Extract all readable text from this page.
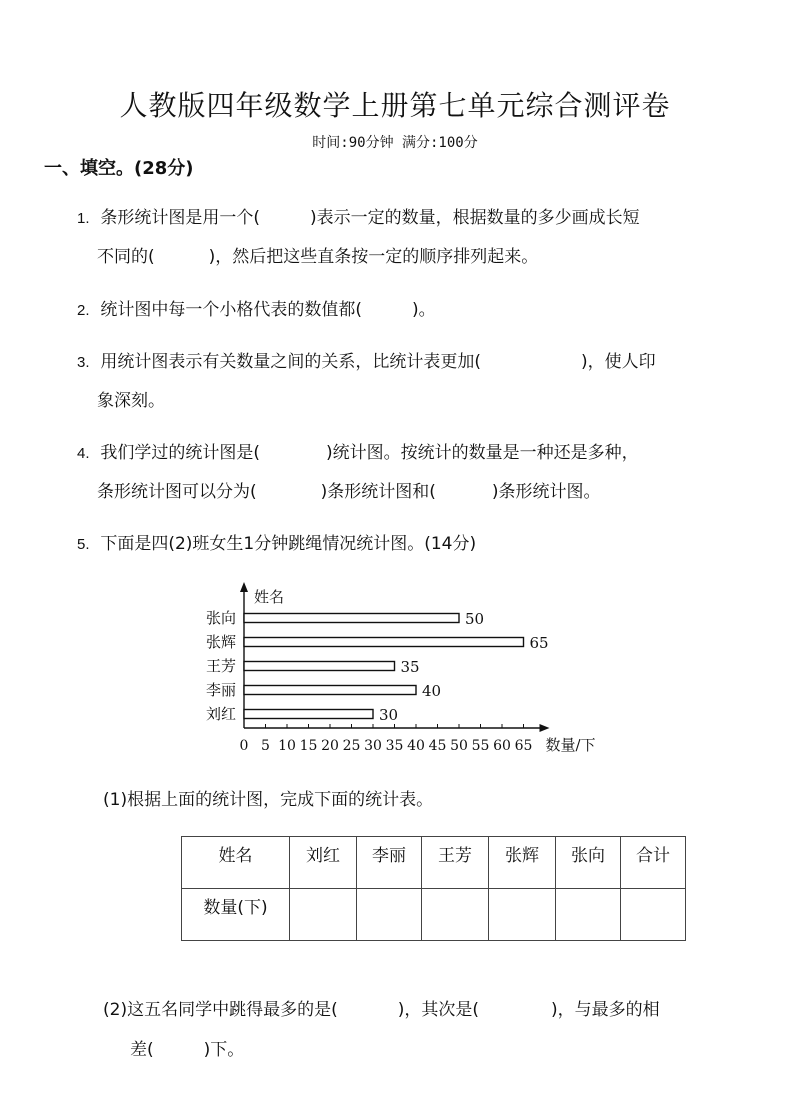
人教版四年级数学上册第七单元综合测评卷
时间:90分钟 满分:100分
一、填空。(28分)
1. 条形统计图是用一个(	)表示一定的数量，根据数量的多少画成长短
不同的(	)，然后把这些直条按一定的顺序排列起来。
2. 统计图中每一个小格代表的数值都(	)。
3. 用统计图表示有关数量之间的关系，比统计表更加(	)，使人印
象深刻。
4. 我们学过的统计图是(	)统计图。按统计的数量是一种还是多种，
条形统计图可以分为(	)条形统计图和(	)条形统计图。
5. 下面是四(2)班女生1分钟跳绳情况统计图。(14分)
姓名
数量/下
0 5 10 15 20 25 30 35 40 45 50 55 60 65
张向	50
张辉	65
王芳	35
李丽	40
刘红	30
(1)根据上面的统计图，完成下面的统计表。
姓名	刘红	李丽	王芳	张辉	张向	合计
数量(下)						
(2)这五名同学中跳得最多的是(	)，其次是(	)，与最多的相
差(	)下。
